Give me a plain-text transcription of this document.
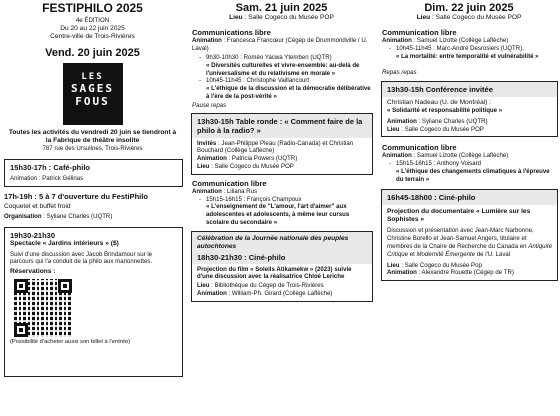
FESTIPHILO 2025
4e ÉDITION
Du 20 au 22 juin 2025
Centre-ville de Trois-Rivières
Vend. 20 juin 2025
LES
SAGES
FOUS
Toutes les activités du vendredi 20 juin se tiendront à la Fabrique de théâtre insolite
787 rue des Ursulines, Trois-Rivières
15h30-17h : Café-philo
Animation : Patrick Gélinas
17h-19h : 5 à 7 d'ouverture du FestiPhilo
Coquetel et buffet froid
Organisation : Syliane Charles (UQTR)
19h30-21h30
Spectacle « Jardins intérieurs » ($)
Suivi d'une discussion avec Jacob Brindamour sur le parcours qui l'a conduit de la philo aux marionnettes.
Réservations :
(Possibilité d'acheter aussi son billet à l'entrée)
Sam. 21 juin 2025
Lieu : Salle Cogeco du Musée POP
Communications libre
Animation : Francesca Francœur (Cégep de Drummondville / U. Laval)
- 9h30-10h30 : Roméo Yacwa Ytemben (UQTR)
« Diversités culturelles et vivre-ensemble: au-delà de l'universalisme et du relativisme en morale »
- 10h45-11h45 : Christophe Vaillancourt
« L'éthique de la discussion et la démocratie délibérative à l'ère de la post-vérité »
Pause repas
13h30-15h Table ronde : « Comment faire de la philo à la radio? »
Invités : Jean-Philippe Pleau (Radio-Canada) et Christian Bouchard (Collège Laflèche)
Animation : Patricia Powers (UQTR)
Lieu : Salle Cogeco du Musée POP
Communication libre
Animation : Liliana Rus
- 15h15-16h15 : François Champoux
« L'enseignement de "L'amour, l'art d'aimer" aux adolescentes et adolescents, à même leur cursus scolaire du secondaire »
Célébration de la Journée nationale des peuples autochtones
18h30-21h30 : Ciné-philo
Projection du film « Soleils Atikamekw » (2023) suivie d'une discussion avec la réalisatrice Chloé Leriche
Lieu : Bibliothèque du Cégep de Trois-Rivières
Animation : William-Ph. Girard (Collège Laflèche)
Dim. 22 juin 2025
Lieu : Salle Cogeco du Musée POP
Communication libre
Animation : Samuel Lizotte (Collège Laflèche)
- 10h45-11h45 : Marc-André Desrosiers (UQTR),
« La mortalité: entre temporalité et vulnérabilité »
Repas repas
13h30-15h Conférence invitée
Christian Nadeau (U. de Montréal) :
« Solidarité et responsabilité politique »
Animation : Syliane Charles (UQTR)
Lieu : Salle Cogeco du Musée POP
Communication libre
Animation : Samuel Lizotte (Collège Laflèche)
- 15h15-16h15 : Anthony Voisard
« L'éthique des changements climatiques à l'épreuve du terrain »
16h45-18h00 : Ciné-philo
Projection du documentaire « Lumière sur les Sophistes »
Discussion et présentation avec Jean-Marc Narbonne, Christine Borello et Jean-Samuel Angers, titulaire et membres de la Chaire de Recherche du Canada en Antiquité Critique et Modernité Émergente de l'U. Laval
Lieu : Salle Cogeco du Musée Pop
Animation : Alexandre Rouette (Cégep de TR)
